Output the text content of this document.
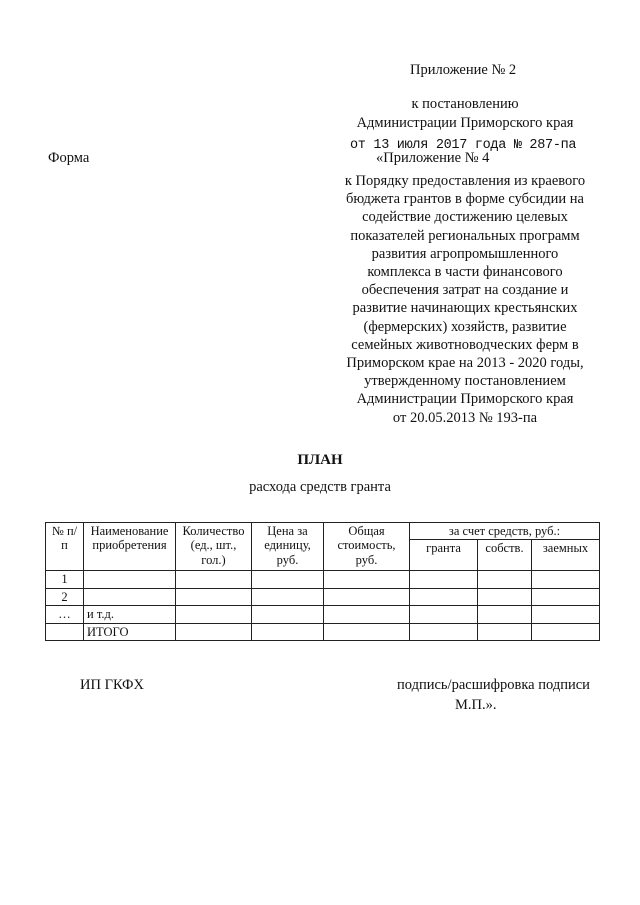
Приложение № 2
к постановлению
Администрации Приморского края
Форма
от 13 июля 2017 года № 287-па
«Приложение № 4
к Порядку предоставления из краевого
бюджета грантов в форме субсидии на
содействие достижению целевых
показателей региональных программ
развития агропромышленного
комплекса в части финансового
обеспечения затрат на создание и
развитие начинающих крестьянских
(фермерских) хозяйств, развитие
семейных животноводческих ферм в
Приморском крае на 2013 - 2020 годы,
утвержденному постановлением
Администрации Приморского края
от 20.05.2013 № 193-па
ПЛАН
расхода средств гранта
№ п/п	Наименование приобретения	Количество (ед., шт., гол.)	Цена за единицу, руб.	Общая стоимость, руб.	за счет средств, руб.:		
					гранта	собств.	заемных
1							
2							
…	и т.д.						
	ИТОГО						
ИП ГКФХ	подпись/расшифровка подписи
М.П.».
